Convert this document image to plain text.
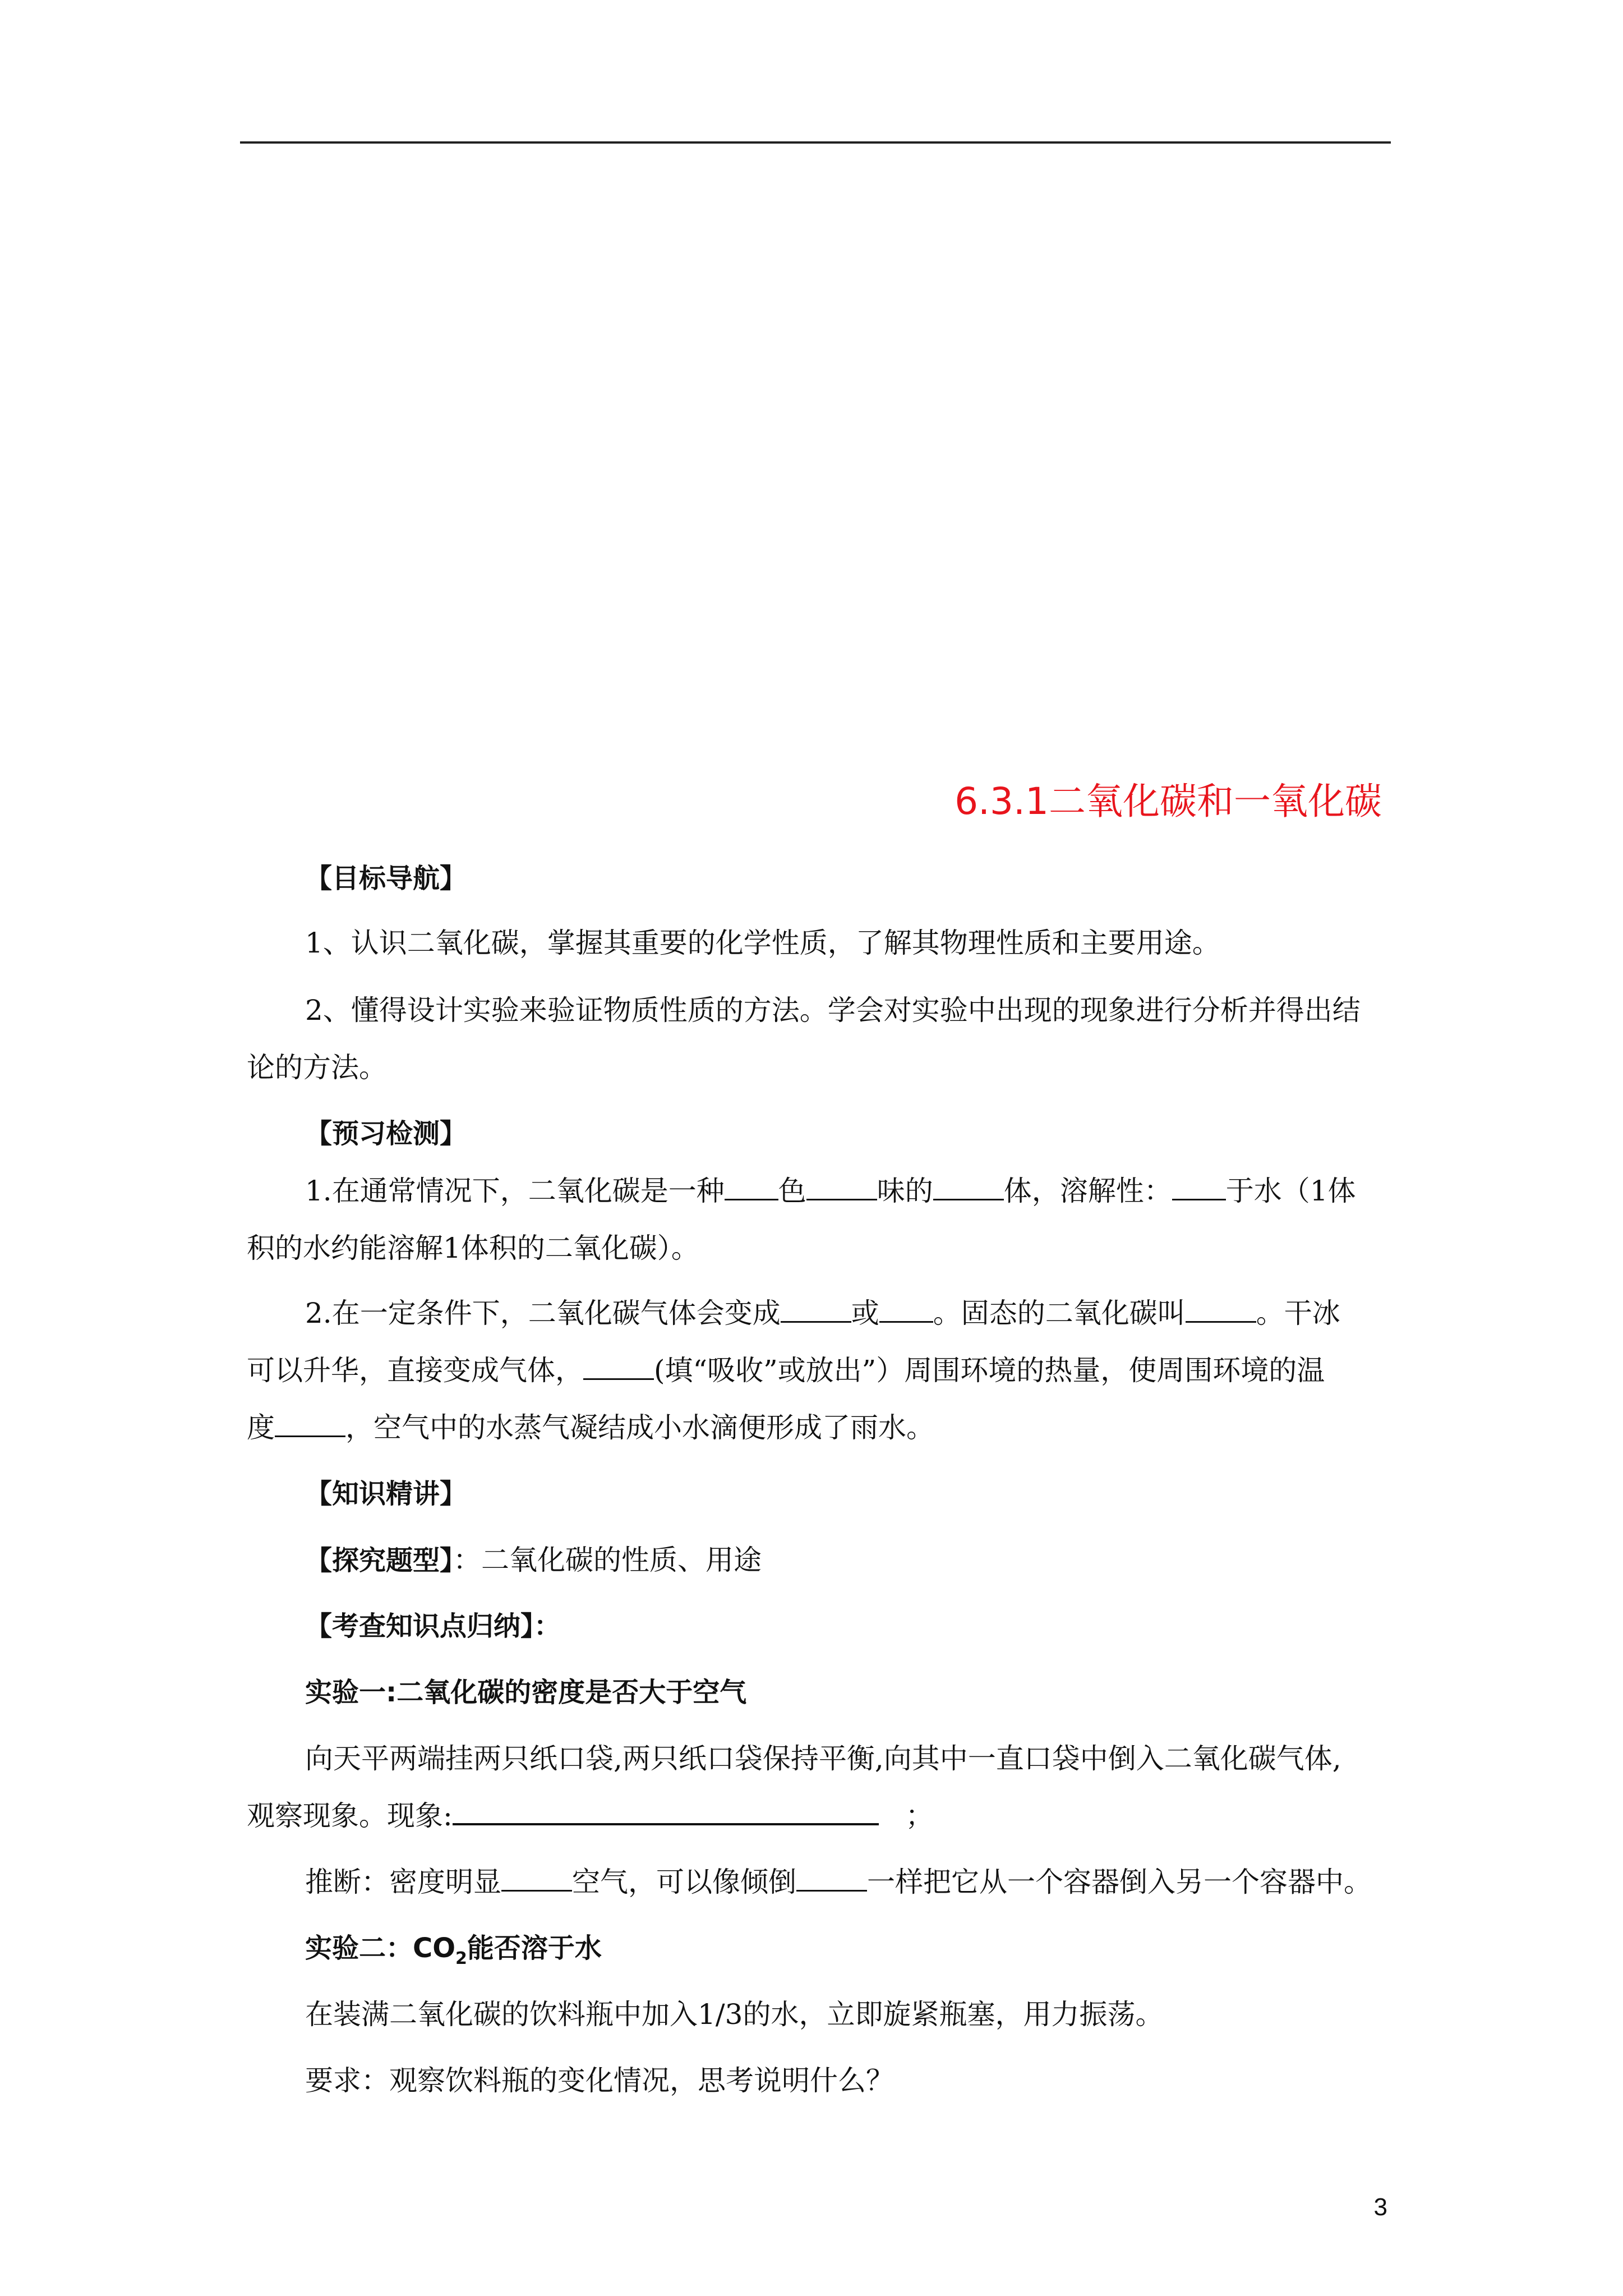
6.3.1二氧化碳和一氧化碳

【目标导航】

1、认识二氧化碳，掌握其重要的化学性质，了解其物理性质和主要用途。

2、懂得设计实验来验证物质性质的方法。学会对实验中出现的现象进行分析并得出结

论的方法。

【预习检测】

1.在通常情况下，二氧化碳是一种 色	味的	体，溶解性： 于水（1体

积的水约能溶解1体积的二氧化碳）。

2.在一定条件下，二氧化碳气体会变成	或 。固态的二氧化碳叫	。干冰

可以升华，直接变成气体，	(填“吸收”或放出”）周围环境的热量，使周围环境的温

度	，空气中的水蒸气凝结成小水滴便形成了雨水。

【知识精讲】

【探究题型】：二氧化碳的性质、用途

【考查知识点归纳】：

实验一:二氧化碳的密度是否大于空气

向天平两端挂两只纸口袋,两只纸口袋保持平衡,向其中一直口袋中倒入二氧化碳气体,

观察现象。现象:	；

推断：密度明显	空气，可以像倾倒	一样把它从一个容器倒入另一个容器中。

实验二：$CO_2$能否溶于水

在装满二氧化碳的饮料瓶中加入1/3的水，立即旋紧瓶塞，用力振荡。

要求：观察饮料瓶的变化情况，思考说明什么？

3
